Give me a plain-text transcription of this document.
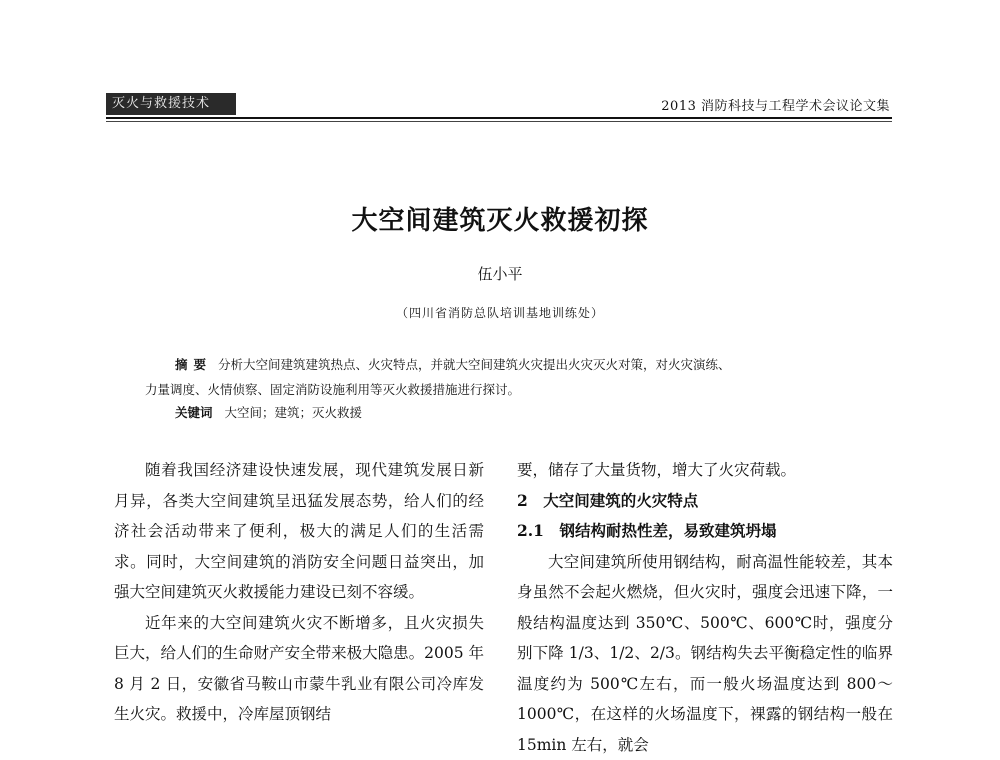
灭火与救援技术	2013 消防科技与工程学术会议论文集
大空间建筑灭火救援初探
伍小平
（四川省消防总队培训基地训练处）
摘要 分析大空间建筑建筑热点、火灾特点，并就大空间建筑火灾提出火灾灭火对策，对火灾演练、
力量调度、火情侦察、固定消防设施利用等灭火救援措施进行探讨。
关键词 大空间；建筑；灭火救援

随着我国经济建设快速发展，现代建筑发展日新月异，各类大空间建筑呈迅猛发展态势，给人们的经济社会活动带来了便利，极大的满足人们的生活需求。同时，大空间建筑的消防安全问题日益突出，加强大空间建筑灭火救援能力建设已刻不容缓。

近年来的大空间建筑火灾不断增多，且火灾损失巨大，给人们的生命财产安全带来极大隐患。2005 年 8 月 2 日，安徽省马鞍山市蒙牛乳业有限公司冷库发生火灾。救援中，冷库屋顶钢结

要，储存了大量货物，增大了火灾荷载。

2　大空间建筑的火灾特点

2.1　钢结构耐热性差，易致建筑坍塌

大空间建筑所使用钢结构，耐高温性能较差，其本身虽然不会起火燃烧，但火灾时，强度会迅速下降，一般结构温度达到 350℃、500℃、600℃时，强度分别下降 1/3、1/2、2/3。钢结构失去平衡稳定性的临界温度约为 500℃左右，而一般火场温度达到 800～1000℃，在这样的火场温度下，裸露的钢结构一般在 15min 左右，就会
